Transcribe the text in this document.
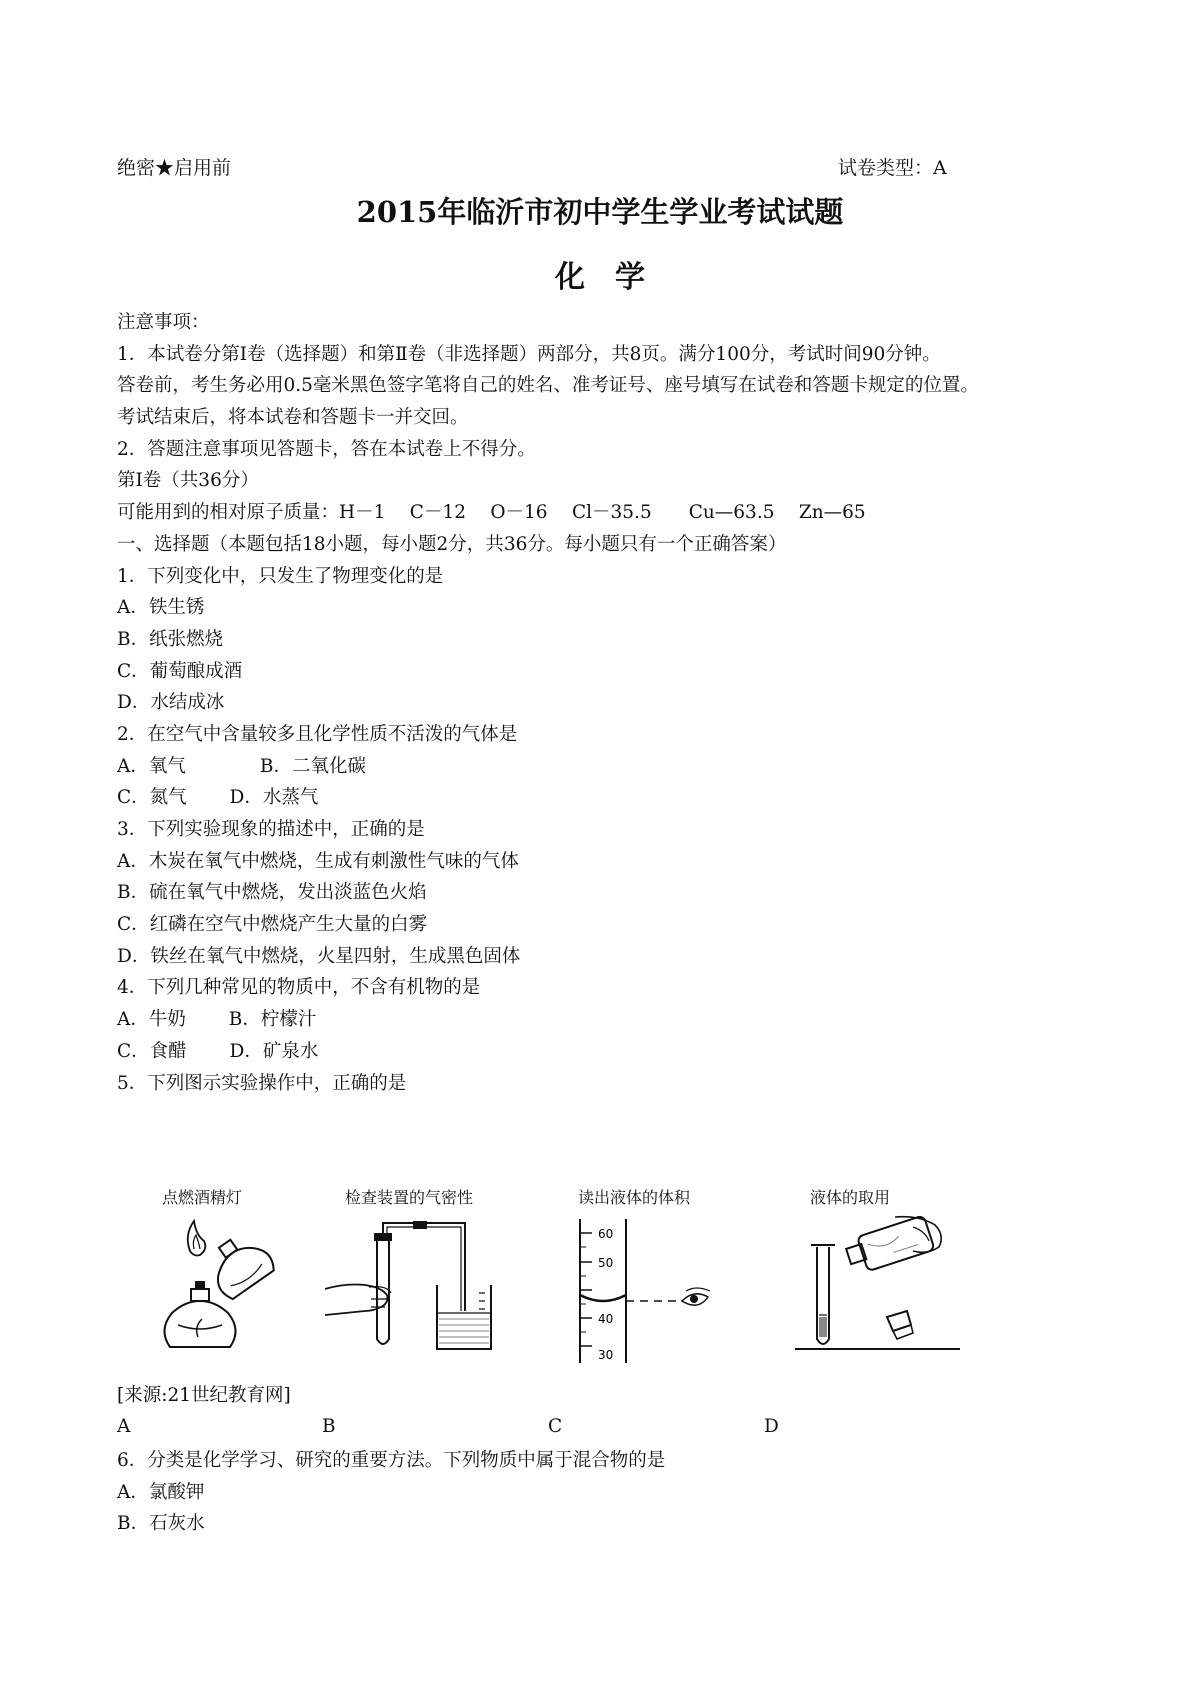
绝密★启用前	试卷类型：A
2015年临沂市初中学生学业考试试题
化学
注意事项：
1．本试卷分第Ⅰ卷（选择题）和第Ⅱ卷（非选择题）两部分，共8页。满分100分，考试时间90分钟。
答卷前，考生务必用0.5毫米黑色签字笔将自己的姓名、准考证号、座号填写在试卷和答题卡规定的位置。
考试结束后，将本试卷和答题卡一并交回。
2．答题注意事项见答题卡，答在本试卷上不得分。
第Ⅰ卷（共36分）
可能用到的相对原子质量：H－1　 C－12　 O－16　 Cl－35.5　　Cu—63.5　 Zn—65
一、选择题（本题包括18小题，每小题2分，共36分。每小题只有一个正确答案）
1．下列变化中，只发生了物理变化的是
A．铁生锈
B．纸张燃烧
C．葡萄酿成酒
D．水结成冰
2．在空气中含量较多且化学性质不活泼的气体是
A．氧气　　　　B．二氧化碳
C．氮气　　 D．水蒸气
3．下列实验现象的描述中，正确的是
A．木炭在氧气中燃烧，生成有刺激性气味的气体
B．硫在氧气中燃烧，发出淡蓝色火焰
C．红磷在空气中燃烧产生大量的白雾
D．铁丝在氧气中燃烧，火星四射，生成黑色固体
4．下列几种常见的物质中，不含有机物的是
A．牛奶　　 B．柠檬汁
C．食醋　　 D．矿泉水
5．下列图示实验操作中，正确的是
点燃酒精灯	检查装置的气密性	读出液体的体积
60
50
40
30
液体的取用
[来源:21世纪教育网]
A	B	C	D
6．分类是化学学习、研究的重要方法。下列物质中属于混合物的是
A．氯酸钾
B．石灰水
